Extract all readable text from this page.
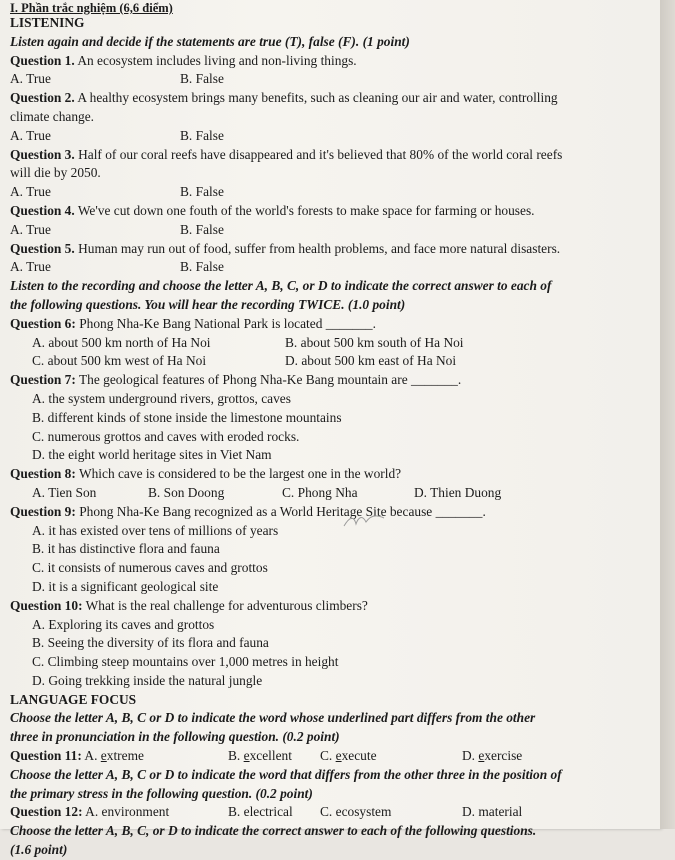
I. Phần trắc nghiệm (6,6 điểm)
LISTENING
Listen again and decide if the statements are true (T), false (F). (1 point)
Question 1. An ecosystem includes living and non-living things.
A. True	B. False
Question 2. A healthy ecosystem brings many benefits, such as cleaning our air and water, controlling
climate change.
A. True	B. False
Question 3. Half of our coral reefs have disappeared and it's believed that 80% of the world coral reefs
will die by 2050.
A. True	B. False
Question 4. We've cut down one fouth of the world's forests to make space for farming or houses.
A. True	B. False
Question 5. Human may run out of food, suffer from health problems, and face more natural disasters.
A. True	B. False
Listen to the recording and choose the letter A, B, C, or D to indicate the correct answer to each of
the following questions. You will hear the recording TWICE. (1.0 point)
Question 6: Phong Nha-Ke Bang National Park is located _______.
A. about 500 km north of Ha Noi	B. about 500 km south of Ha Noi
C. about 500 km west of Ha Noi	D. about 500 km east of Ha Noi
Question 7: The geological features of Phong Nha-Ke Bang mountain are _______.
A. the system underground rivers, grottos, caves
B. different kinds of stone inside the limestone mountains
C. numerous grottos and caves with eroded rocks.
D. the eight world heritage sites in Viet Nam
Question 8: Which cave is considered to be the largest one in the world?
A. Tien Son	B. Son Doong	C. Phong Nha	D. Thien Duong
Question 9: Phong Nha-Ke Bang recognized as a World Heritage Site because _______.
A. it has existed over tens of millions of years
B. it has distinctive flora and fauna
C. it consists of numerous caves and grottos
D. it is a significant geological site
Question 10: What is the real challenge for adventurous climbers?
A. Exploring its caves and grottos
B. Seeing the diversity of its flora and fauna
C. Climbing steep mountains over 1,000 metres in height
D. Going trekking inside the natural jungle
LANGUAGE FOCUS
Choose the letter A, B, C or D to indicate the word whose underlined part differs from the other
three in pronunciation in the following question. (0.2 point)
Question 11: A. extreme	B. excellent C. execute	D. exercise
Choose the letter A, B, C or D to indicate the word that differs from the other three in the position of
the primary stress in the following question. (0.2 point)
Question 12: A. environment	B. electrical C. ecosystem	D. material
Choose the letter A, B, C, or D to indicate the correct answer to each of the following questions.
(1.6 point)
